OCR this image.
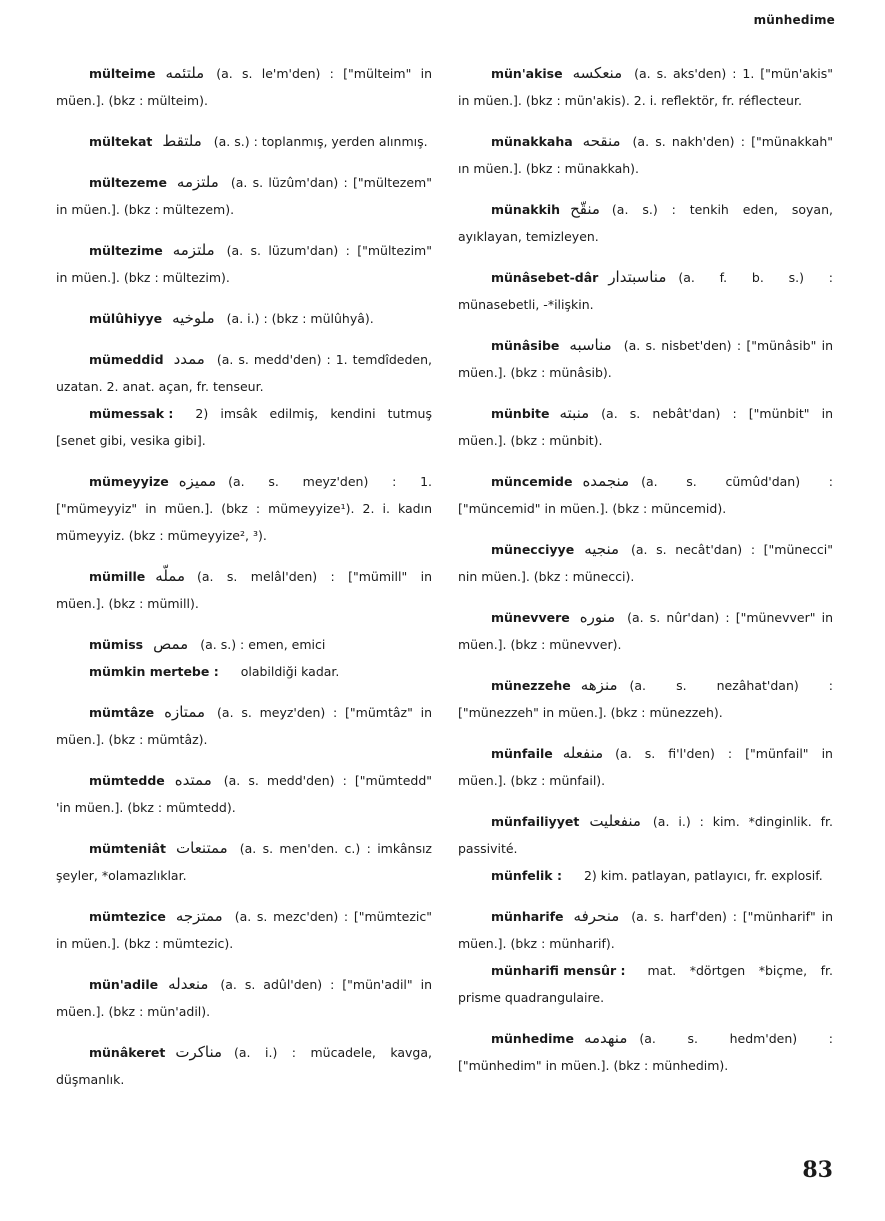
münhedime
mülteime ملتئمه (a. s. le'm'den) : ["mülteim" in müen.]. (bkz : mülteim).
mültekat ملتقط (a. s.) : toplanmış, yerden alınmış.
mültezeme ملتزمه (a. s. lüzûm'dan) : ["mültezem" in müen.]. (bkz : mültezem).
mültezime ملتزمه (a. s. lüzum'dan) : ["mültezim" in müen.]. (bkz : mültezim).
mülûhiyye ملوخيه (a. i.) : (bkz : mülûhyâ).
mümeddid ممدد (a. s. medd'den) : 1. temdîdeden, uzatan. 2. anat. açan, fr. tenseur.
mümessak : 2) imsâk edilmiş, kendini tutmuş [senet gibi, vesika gibi].
mümeyyize مميزه (a. s. meyz'den) : 1. ["mümeyyiz" in müen.]. (bkz : mümeyyize¹). 2. i. kadın mümeyyiz. (bkz : mümeyyize², ³).
mümille مملّه (a. s. melâl'den) : ["mümill" in müen.]. (bkz : mümill).
mümiss ممص (a. s.) : emen, emici
mümkin mertebe : olabildiği kadar.
mümtâze ممتازه (a. s. meyz'den) : ["mümtâz" in müen.]. (bkz : mümtâz).
mümtedde ممتده (a. s. medd'den) : ["mümtedd" 'in müen.]. (bkz : mümtedd).
mümteniât ممتنعات (a. s. men'den. c.) : imkânsız şeyler, *olamazlıklar.
mümtezice ممتزجه (a. s. mezc'den) : ["mümtezic" in müen.]. (bkz : mümtezic).
mün'adile منعدله (a. s. adûl'den) : ["mün'adil" in müen.]. (bkz : mün'adil).
münâkeret مناكرت (a. i.) : mücadele, kavga, düşmanlık.
mün'akise منعكسه (a. s. aks'den) : 1. ["mün'akis" in müen.]. (bkz : mün'akis). 2. i. reflektör, fr. réflecteur.
münakkaha منقحه (a. s. nakh'den) : ["münakkah" ın müen.]. (bkz : münakkah).
münakkih منقّح (a. s.) : tenkih eden, soyan, ayıklayan, temizleyen.
münâsebet-dâr مناسبتدار (a. f. b. s.) : münasebetli, -*ilişkin.
münâsibe مناسبه (a. s. nisbet'den) : ["münâsib" in müen.]. (bkz : münâsib).
münbite منبته (a. s. nebât'dan) : ["münbit" in müen.]. (bkz : münbit).
müncemide منجمده (a. s. cümûd'dan) : ["müncemid" in müen.]. (bkz : müncemid).
münecciyye منجيه (a. s. necât'dan) : ["münecci" nin müen.]. (bkz : münecci).
münevvere منوره (a. s. nûr'dan) : ["münevver" in müen.]. (bkz : münevver).
münezzehe منزهه (a. s. nezâhat'dan) : ["münezzeh" in müen.]. (bkz : münezzeh).
münfaile منفعله (a. s. fi'l'den) : ["münfail" in müen.]. (bkz : münfail).
münfailiyyet منفعليت (a. i.) : kim. *dinginlik. fr. passivité.
münfelik : 2) kim. patlayan, patlayıcı, fr. explosif.
münharife منحرفه (a. s. harf'den) : ["münharif" in müen.]. (bkz : münharif).
münharifi mensûr : mat. *dörtgen *biçme, fr. prisme quadrangulaire.
münhedime منهدمه (a. s. hedm'den) : ["münhedim" in müen.]. (bkz : münhedim).
83
